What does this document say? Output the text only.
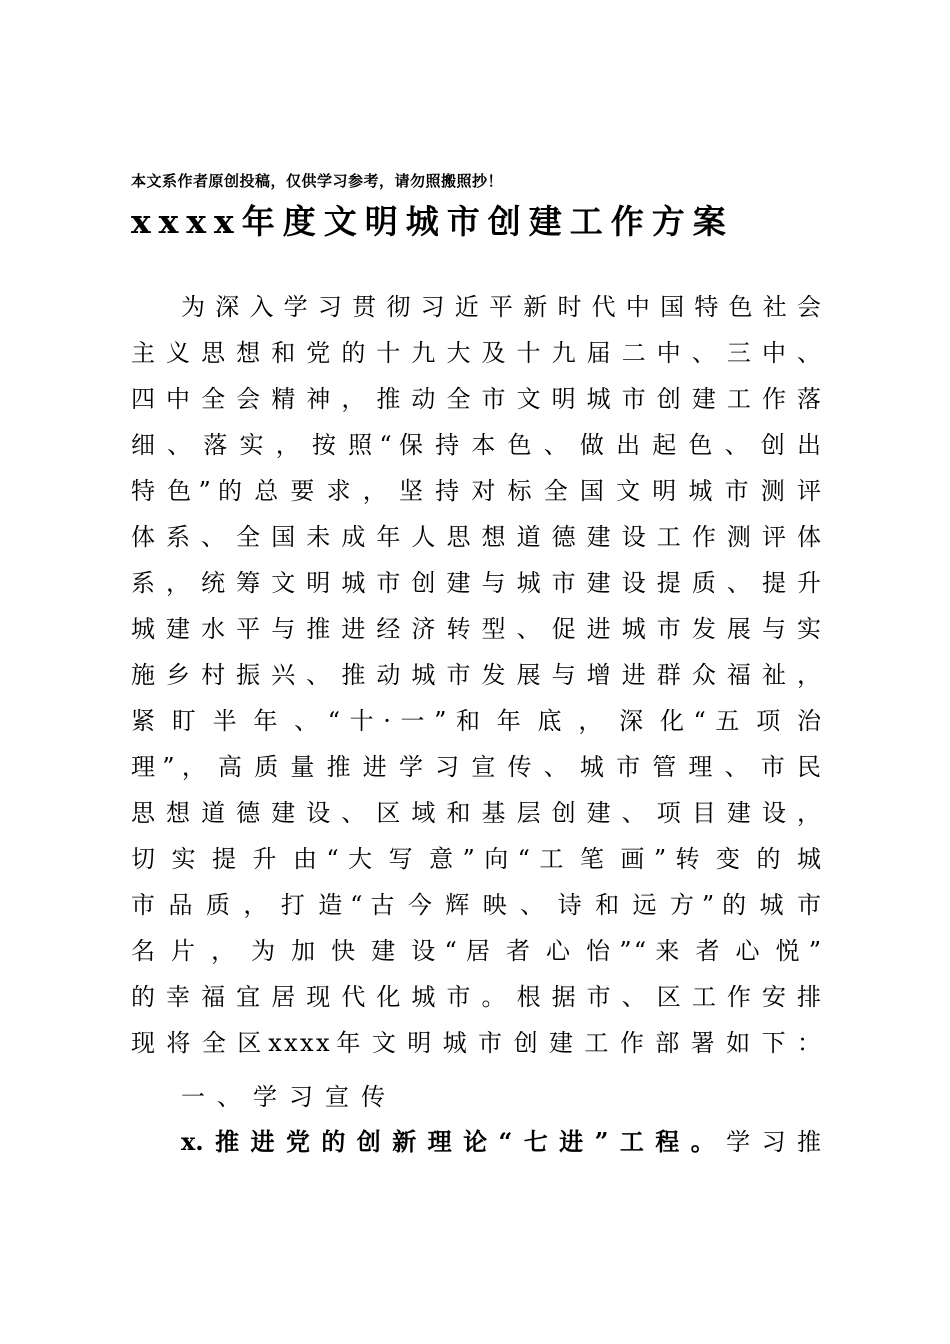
本文系作者原创投稿，仅供学习参考，请勿照搬照抄！
xxxx年度文明城市创建工作方案
为 深 入 学 习 贯 彻 习 近 平 新 时 代 中 国 特 色 社 会
主 义 思 想 和 党 的 十 九 大 及 十 九 届 二 中 、 三 中 、
四 中 全 会 精 神 ， 推 动 全 市 文 明 城 市 创 建 工 作 落
细 、 落 实 ， 按 照 “ 保 持 本 色 、 做 出 起 色 、 创 出
特 色 ” 的 总 要 求 ， 坚 持 对 标 全 国 文 明 城 市 测 评
体 系 、 全 国 未 成 年 人 思 想 道 德 建 设 工 作 测 评 体
系 ， 统 筹 文 明 城 市 创 建 与 城 市 建 设 提 质 、 提 升
城 建 水 平 与 推 进 经 济 转 型 、 促 进 城 市 发 展 与 实
施 乡 村 振 兴 、 推 动 城 市 发 展 与 增 进 群 众 福 祉 ，
紧 盯 半 年 、 “ 十 · 一 ” 和 年 底 ， 深 化 “ 五 项 治
理 ” ， 高 质 量 推 进 学 习 宣 传 、 城 市 管 理 、 市 民
思 想 道 德 建 设 、 区 域 和 基 层 创 建 、 项 目 建 设 ，
切 实 提 升 由 “ 大 写 意 ” 向 “ 工 笔 画 ” 转 变 的 城
市 品 质 ， 打 造 “ 古 今 辉 映 、 诗 和 远 方 ” 的 城 市
名 片 ， 为 加 快 建 设 “ 居 者 心 怡 ” “ 来 者 心 悦 ”
的 幸 福 宜 居 现 代 化 城 市 。 根 据 市 、 区 工 作 安 排
现 将 全 区 x x x x 年 文 明 城 市 创 建 工 作 部 署 如 下 ：
一、学习宣传
x.推进党的创新理论“七进”工程。学习推
